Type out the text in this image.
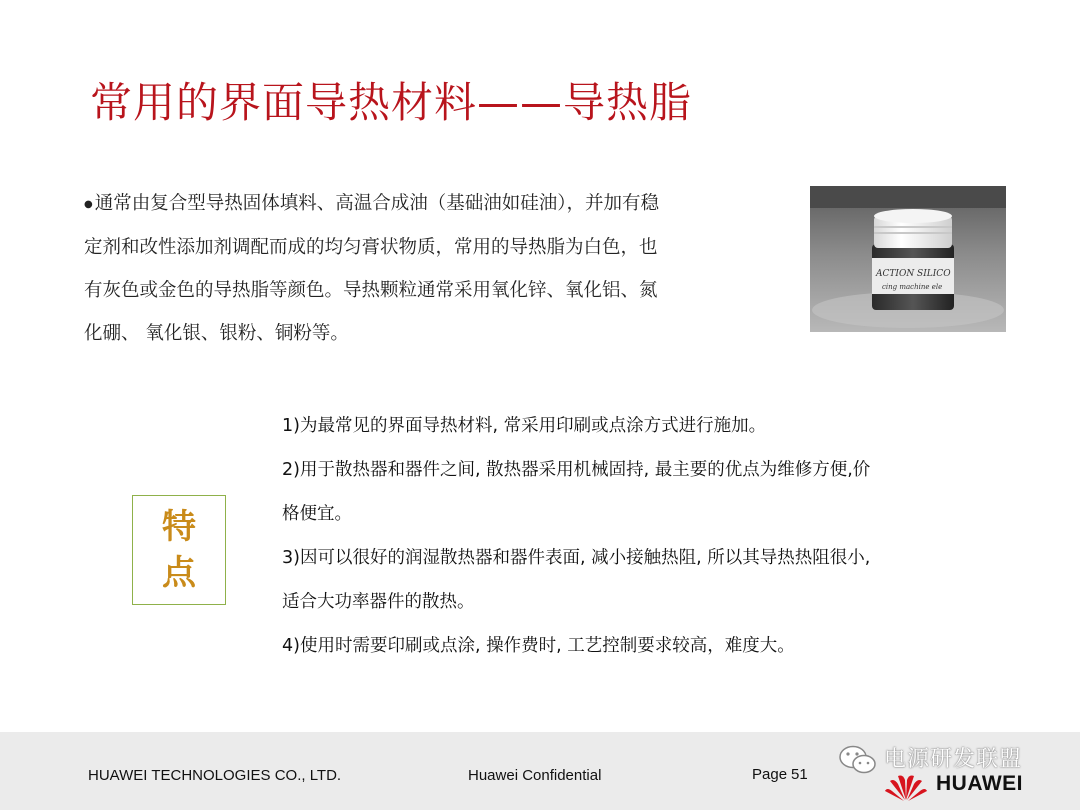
常用的界面导热材料——导热脂
● 通常由复合型导热固体填料、高温合成油（基础油如硅油），并加有稳
定剂和改性添加剂调配而成的均匀膏状物质，常用的导热脂为白色，也
有灰色或金色的导热脂等颜色。导热颗粒通常采用氧化锌、氧化铝、氮
化硼、 氧化银、银粉、铜粉等。
ACTION SILICO
cing machine ele
特
点

1)为最常见的界面导热材料, 常采用印刷或点涂方式进行施加。

2)用于散热器和器件之间, 散热器采用机械固持, 最主要的优点为维修方便,价

格便宜。

3)因可以很好的润湿散热器和器件表面, 减小接触热阻, 所以其导热热阻很小,

适合大功率器件的散热。

4)使用时需要印刷或点涂, 操作费时, 工艺控制要求较高，难度大。

HUAWEI TECHNOLOGIES CO., LTD.	Huawei Confidential	Page 51
电源研发联盟
HUAWEI
